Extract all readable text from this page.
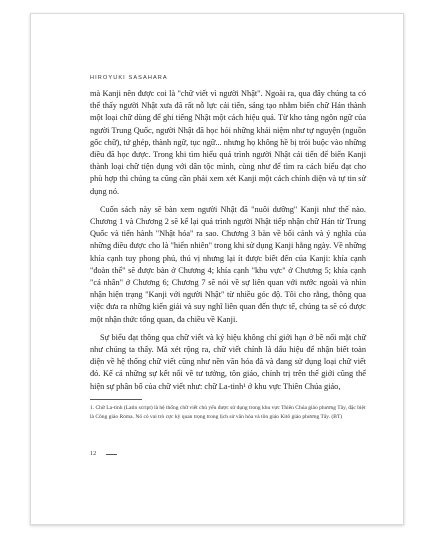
HIROYUKI SASAHARA

mà Kanji nên được coi là "chữ viết vì người Nhật". Ngoài ra, qua đây chúng ta có thể thấy người Nhật xưa đã rất nỗ lực cải tiến, sáng tạo nhằm biến chữ Hán thành một loại chữ dùng để ghi tiếng Nhật một cách hiệu quả. Từ kho tàng ngôn ngữ của người Trung Quốc, người Nhật đã học hỏi những khái niệm như tự nguyện (nguồn gốc chữ), tứ ghép, thành ngữ, tục ngữ... nhưng họ không hề bị trói buộc vào những điều đã học được. Trong khi tìm hiểu quá trình người Nhật cải tiến để biến Kanji thành loại chữ tiện dụng với dân tộc mình, cùng như để tìm ra cách biểu đạt cho phù hợp thì chúng ta cũng cần phải xem xét Kanji một cách chính diện và tự tin sử dụng nó.

Cuốn sách này sẽ bàn xem người Nhật đã "nuôi dưỡng" Kanji như thế nào. Chương 1 và Chương 2 sẽ kể lại quá trình người Nhật tiếp nhận chữ Hán từ Trung Quốc và tiến hành "Nhật hóa" ra sao. Chương 3 bàn về bối cảnh và ý nghĩa của những điều được cho là "hiển nhiên" trong khi sử dụng Kanji hằng ngày. Về những khía cạnh tuy phong phú, thú vị nhưng lại ít được biết đến của Kanji: khía cạnh "đoàn thể" sẽ được bàn ở Chương 4; khía cạnh "khu vực" ở Chương 5; khía cạnh "cá nhân" ở Chương 6; Chương 7 sẽ nói về sự liên quan với nước ngoài và nhìn nhận hiện trạng "Kanji với người Nhật" từ nhiều góc độ. Tôi cho rằng, thông qua việc đưa ra những kiến giải và suy nghĩ liên quan đến thực tế, chúng ta sẽ có được một nhận thức tổng quan, đa chiều về Kanji.

Sự biểu đạt thông qua chữ viết và ký hiệu không chỉ giới hạn ở bề nổi mặt chữ như chúng ta thấy. Mà xét rộng ra, chữ viết chính là dấu hiệu để nhận biết toàn diện về hệ thống chữ viết cũng như nền văn hóa đã và đang sử dụng loại chữ viết đó. Kế cả những sự kết nối về tư tưởng, tôn giáo, chính trị trên thế giới cũng thể hiện sự phân bố của chữ viết như: chữ La-tinh¹ ở khu vực Thiên Chúa giáo,

1. Chữ La-tinh (Latin script) là hệ thống chữ viết chủ yếu được sử dụng trong khu vực Thiên Chúa giáo phương Tây, đặc biệt là Công giáo Roma. Nó có vai trò cực kỳ quan trọng trong lịch sử văn hóa và tôn giáo Kitô giáo phương Tây. (BT)

12
